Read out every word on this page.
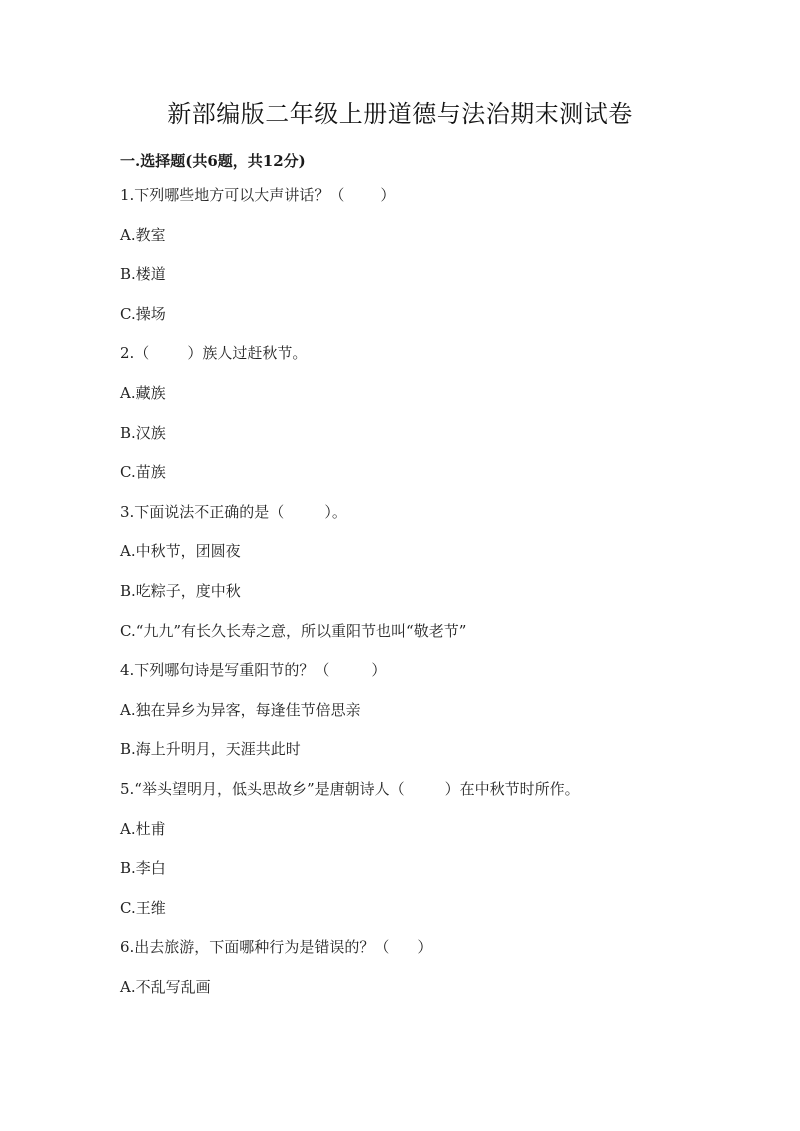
新部编版二年级上册道德与法治期末测试卷
一.选择题(共6题，共12分)
1.下列哪些地方可以大声讲话？（ ）
A.教室
B.楼道
C.操场
2.（	）族人过赶秋节。
A.藏族
B.汉族
C.苗族
3.下面说法不正确的是（	）。
A.中秋节，团圆夜
B.吃粽子，度中秋
C.“九九”有长久长寿之意，所以重阳节也叫“敬老节”
4.下列哪句诗是写重阳节的？（	）
A.独在异乡为异客，每逢佳节倍思亲
B.海上升明月，天涯共此时
5.“举头望明月，低头思故乡”是唐朝诗人（	）在中秋节时所作。
A.杜甫
B.李白
C.王维
6.出去旅游，下面哪种行为是错误的？（ ）
A.不乱写乱画
